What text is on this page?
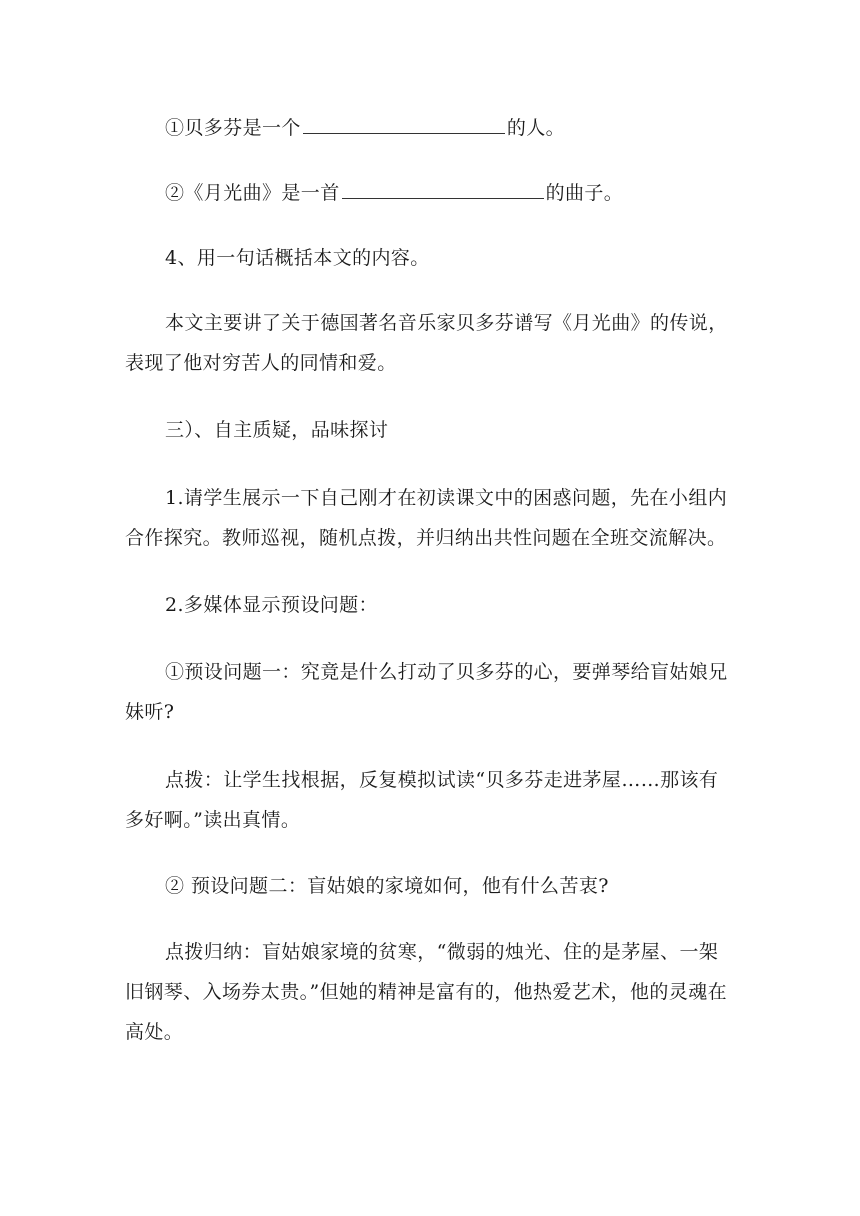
①贝多芬是一个	的人。
②《月光曲》是一首	的曲子。
4、用一句话概括本文的内容。
本文主要讲了关于德国著名音乐家贝多芬谱写《月光曲》的传说，表现了他对穷苦人的同情和爱。
三）、自主质疑，品味探讨
1.请学生展示一下自己刚才在初读课文中的困惑问题，先在小组内合作探究。教师巡视，随机点拨，并归纳出共性问题在全班交流解决。
2.多媒体显示预设问题：
①预设问题一：究竟是什么打动了贝多芬的心，要弹琴给盲姑娘兄妹听?
点拨：让学生找根据，反复模拟试读“贝多芬走进茅屋……那该有多好啊。”读出真情。
② 预设问题二：盲姑娘的家境如何，他有什么苦衷?
点拨归纳：盲姑娘家境的贫寒，“微弱的烛光、住的是茅屋、一架旧钢琴、入场券太贵。”但她的精神是富有的，他热爱艺术，他的灵魂在高处。
